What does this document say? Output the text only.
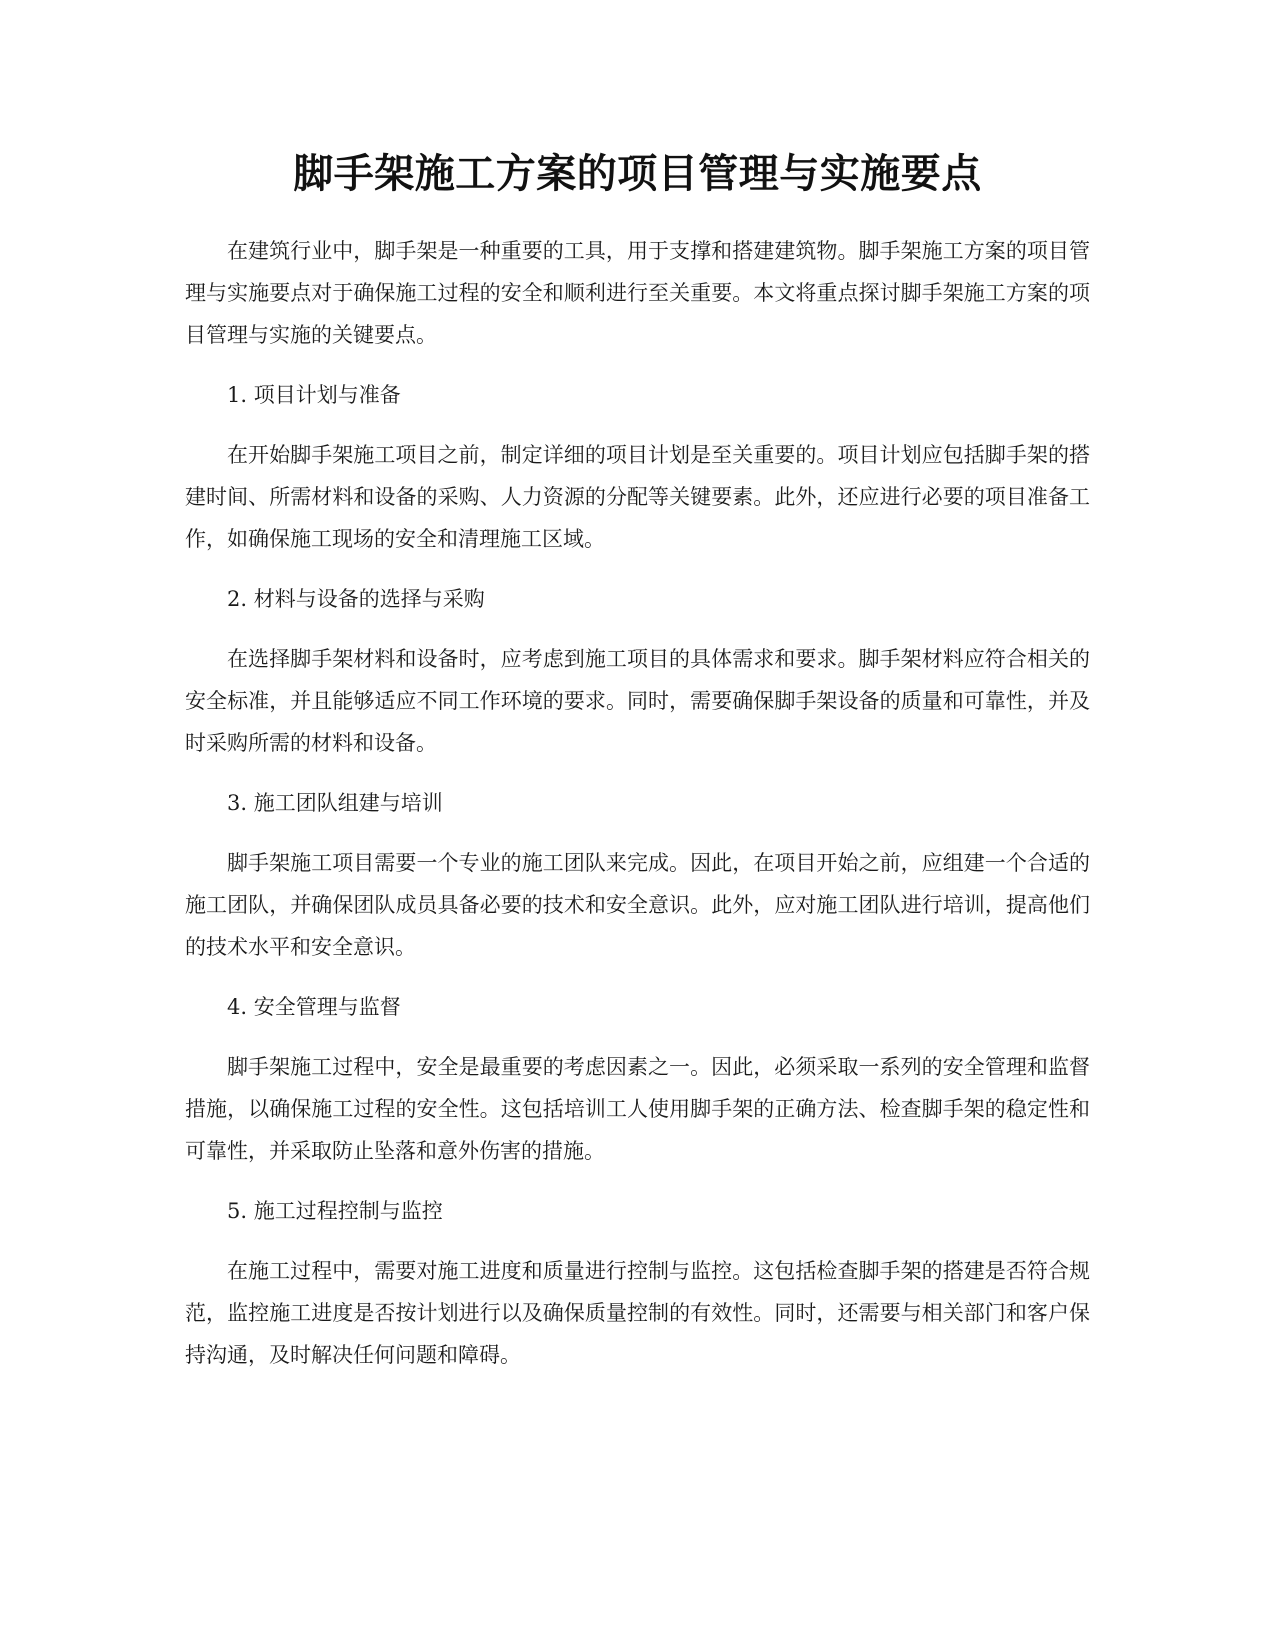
脚手架施工方案的项目管理与实施要点

在建筑行业中，脚手架是一种重要的工具，用于支撑和搭建建筑物。脚手架施工方案的项目管理与实施要点对于确保施工过程的安全和顺利进行至关重要。本文将重点探讨脚手架施工方案的项目管理与实施的关键要点。

1. 项目计划与准备

在开始脚手架施工项目之前，制定详细的项目计划是至关重要的。项目计划应包括脚手架的搭建时间、所需材料和设备的采购、人力资源的分配等关键要素。此外，还应进行必要的项目准备工作，如确保施工现场的安全和清理施工区域。

2. 材料与设备的选择与采购

在选择脚手架材料和设备时，应考虑到施工项目的具体需求和要求。脚手架材料应符合相关的安全标准，并且能够适应不同工作环境的要求。同时，需要确保脚手架设备的质量和可靠性，并及时采购所需的材料和设备。

3. 施工团队组建与培训

脚手架施工项目需要一个专业的施工团队来完成。因此，在项目开始之前，应组建一个合适的施工团队，并确保团队成员具备必要的技术和安全意识。此外，应对施工团队进行培训，提高他们的技术水平和安全意识。

4. 安全管理与监督

脚手架施工过程中，安全是最重要的考虑因素之一。因此，必须采取一系列的安全管理和监督措施，以确保施工过程的安全性。这包括培训工人使用脚手架的正确方法、检查脚手架的稳定性和可靠性，并采取防止坠落和意外伤害的措施。

5. 施工过程控制与监控

在施工过程中，需要对施工进度和质量进行控制与监控。这包括检查脚手架的搭建是否符合规范，监控施工进度是否按计划进行以及确保质量控制的有效性。同时，还需要与相关部门和客户保持沟通，及时解决任何问题和障碍。
